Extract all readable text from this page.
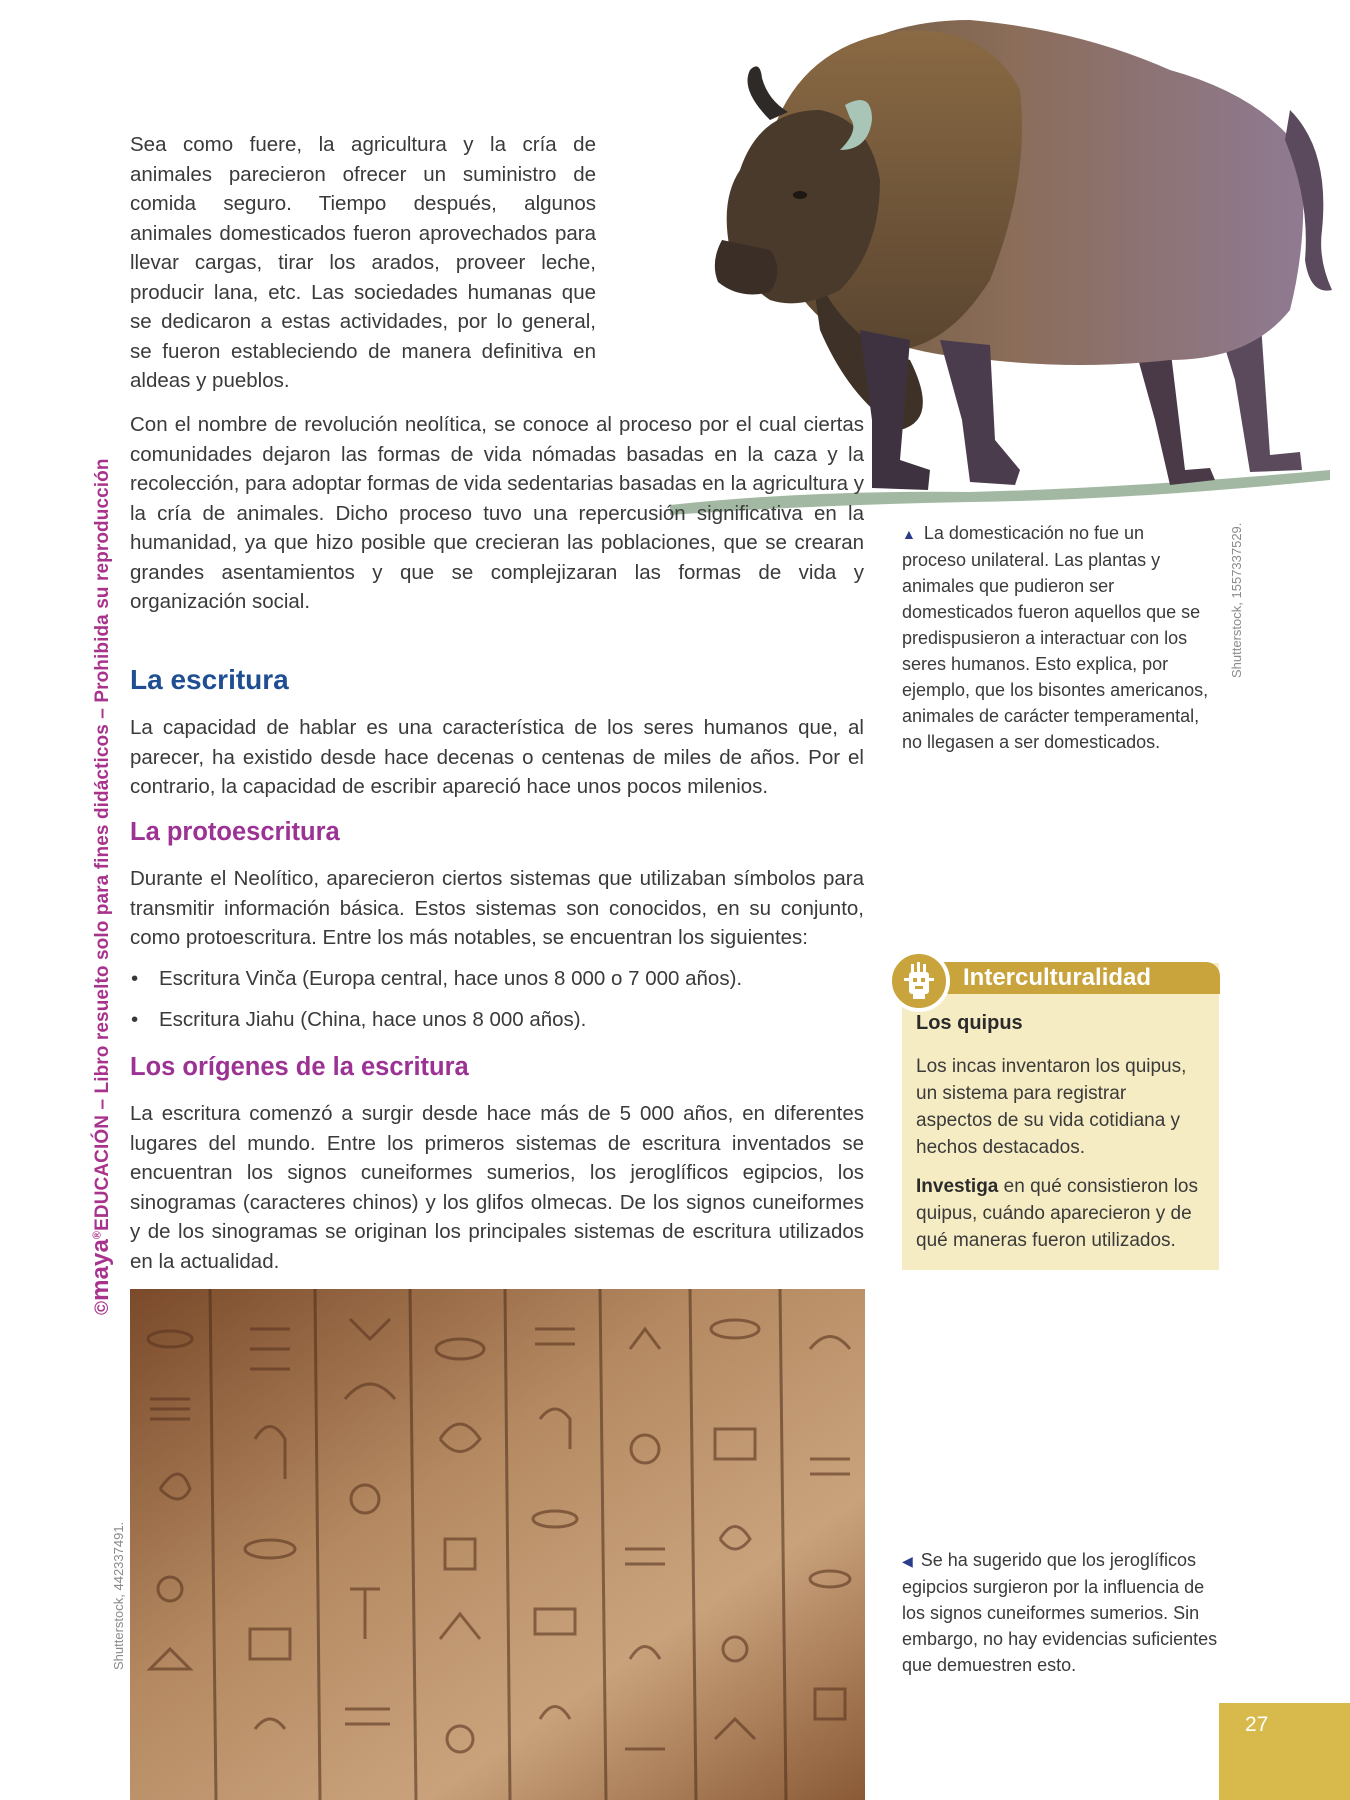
©maya®EDUCACIÓN – Libro resuelto solo para fines didácticos – Prohibida su reproducción	Shutterstock, 1557337529.

Sea como fuere, la agricultura y la cría de animales parecieron ofrecer un suministro de comida seguro. Tiempo después, algunos animales domesticados fueron aprovechados para llevar cargas, tirar los arados, proveer leche, producir lana, etc. Las sociedades humanas que se dedicaron a estas actividades, por lo general, se fueron estableciendo de manera definitiva en aldeas y pueblos.

Con el nombre de revolución neolítica, se conoce al proceso por el cual ciertas comunidades dejaron las formas de vida nómadas basadas en la caza y la recolección, para adoptar formas de vida sedentarias basadas en la agricultura y la cría de animales. Dicho proceso tuvo una repercusión significativa en la humanidad, ya que hizo posible que crecieran las poblaciones, que se crearan grandes asentamientos y que se complejizaran las formas de vida y organización social.

▲ La domesticación no fue un proceso unilateral. Las plantas y animales que pudieron ser domesticados fueron aquellos que se predispusieron a interactuar con los seres humanos. Esto explica, por ejemplo, que los bisontes americanos, animales de carácter temperamental, no llegasen a ser domesticados.

La escritura

La capacidad de hablar es una característica de los seres humanos que, al parecer, ha existido desde hace decenas o centenas de miles de años. Por el contrario, la capacidad de escribir apareció hace unos pocos milenios.

La protoescritura

Durante el Neolítico, aparecieron ciertos sistemas que utilizaban símbolos para transmitir información básica. Estos sistemas son conocidos, en su conjunto, como protoescritura. Entre los más notables, se encuentran los siguientes:

• Escritura Vinča (Europa central, hace unos 8 000 o 7 000 años).
• Escritura Jiahu (China, hace unos 8 000 años).
Los orígenes de la escritura

La escritura comenzó a surgir desde hace más de 5 000 años, en diferentes lugares del mundo. Entre los primeros sistemas de escritura inventados se encuentran los signos cuneiformes sumerios, los jeroglíficos egipcios, los sinogramas (caracteres chinos) y los glifos olmecas. De los signos cuneiformes y de los sinogramas se originan los principales sistemas de escritura utilizados en la actualidad.

Interculturalidad
Los quipus

Los incas inventaron los quipus, un sistema para registrar aspectos de su vida cotidiana y hechos destacados.

Investiga en qué consistieron los quipus, cuándo aparecieron y de qué maneras fueron utilizados.

Shutterstock, 442337491.	◀ Se ha sugerido que los jeroglíficos egipcios surgieron por la influencia de los signos cuneiformes sumerios. Sin embargo, no hay evidencias suficientes que demuestren esto.

27
